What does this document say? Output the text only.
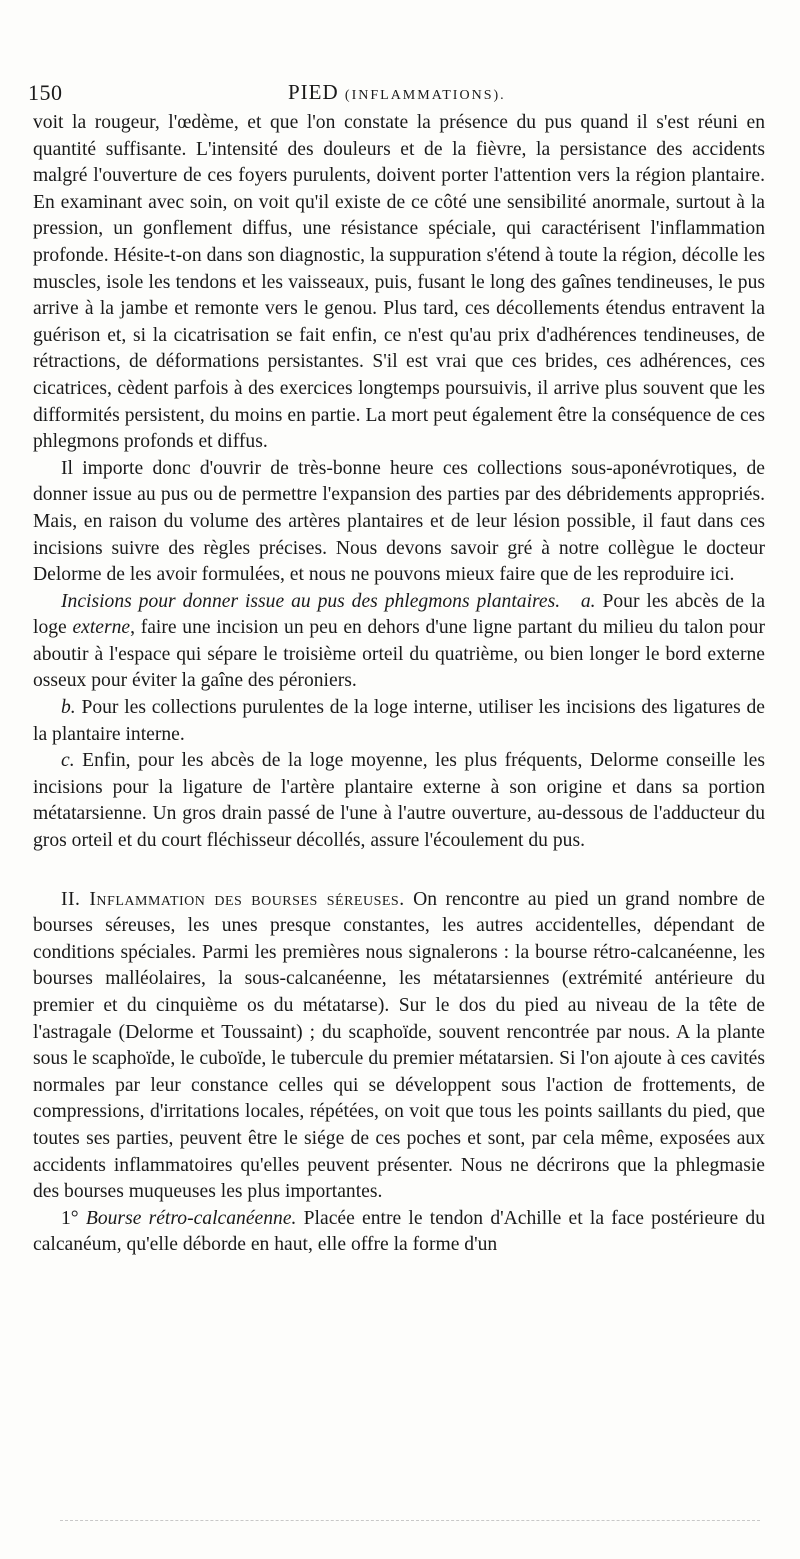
150	PIED (INFLAMMATIONS).

voit la rougeur, l'œdème, et que l'on constate la présence du pus quand il s'est réuni en quantité suffisante. L'intensité des douleurs et de la fièvre, la persistance des accidents malgré l'ouverture de ces foyers purulents, doivent porter l'attention vers la région plantaire. En examinant avec soin, on voit qu'il existe de ce côté une sensibilité anormale, surtout à la pression, un gonflement diffus, une résistance spéciale, qui caractérisent l'inflammation profonde. Hésite-t-on dans son diagnostic, la suppuration s'étend à toute la région, décolle les muscles, isole les tendons et les vaisseaux, puis, fusant le long des gaînes tendineuses, le pus arrive à la jambe et remonte vers le genou. Plus tard, ces décollements étendus entravent la guérison et, si la cicatrisation se fait enfin, ce n'est qu'au prix d'adhérences tendineuses, de rétractions, de déformations persistantes. S'il est vrai que ces brides, ces adhérences, ces cicatrices, cèdent parfois à des exercices longtemps poursuivis, il arrive plus souvent que les difformités persistent, du moins en partie. La mort peut également être la conséquence de ces phlegmons profonds et diffus.

Il importe donc d'ouvrir de très-bonne heure ces collections sous-aponévrotiques, de donner issue au pus ou de permettre l'expansion des parties par des débridements appropriés. Mais, en raison du volume des artères plantaires et de leur lésion possible, il faut dans ces incisions suivre des règles précises. Nous devons savoir gré à notre collègue le docteur Delorme de les avoir formulées, et nous ne pouvons mieux faire que de les reproduire ici.

Incisions pour donner issue au pus des phlegmons plantaires. a. Pour les abcès de la loge externe, faire une incision un peu en dehors d'une ligne partant du milieu du talon pour aboutir à l'espace qui sépare le troisième orteil du quatrième, ou bien longer le bord externe osseux pour éviter la gaîne des péroniers.

b. Pour les collections purulentes de la loge interne, utiliser les incisions des ligatures de la plantaire interne.

c. Enfin, pour les abcès de la loge moyenne, les plus fréquents, Delorme conseille les incisions pour la ligature de l'artère plantaire externe à son origine et dans sa portion métatarsienne. Un gros drain passé de l'une à l'autre ouverture, au-dessous de l'adducteur du gros orteil et du court fléchisseur décollés, assure l'écoulement du pus.

II. Inflammation des bourses séreuses. On rencontre au pied un grand nombre de bourses séreuses, les unes presque constantes, les autres accidentelles, dépendant de conditions spéciales. Parmi les premières nous signalerons : la bourse rétro-calcanéenne, les bourses malléolaires, la sous-calcanéenne, les métatarsiennes (extrémité antérieure du premier et du cinquième os du métatarse). Sur le dos du pied au niveau de la tête de l'astragale (Delorme et Toussaint) ; du scaphoïde, souvent rencontrée par nous. A la plante sous le scaphoïde, le cuboïde, le tubercule du premier métatarsien. Si l'on ajoute à ces cavités normales par leur constance celles qui se développent sous l'action de frottements, de compressions, d'irritations locales, répétées, on voit que tous les points saillants du pied, que toutes ses parties, peuvent être le siége de ces poches et sont, par cela même, exposées aux accidents inflammatoires qu'elles peuvent présenter. Nous ne décrirons que la phlegmasie des bourses muqueuses les plus importantes.

1° Bourse rétro-calcanéenne. Placée entre le tendon d'Achille et la face postérieure du calcanéum, qu'elle déborde en haut, elle offre la forme d'un
